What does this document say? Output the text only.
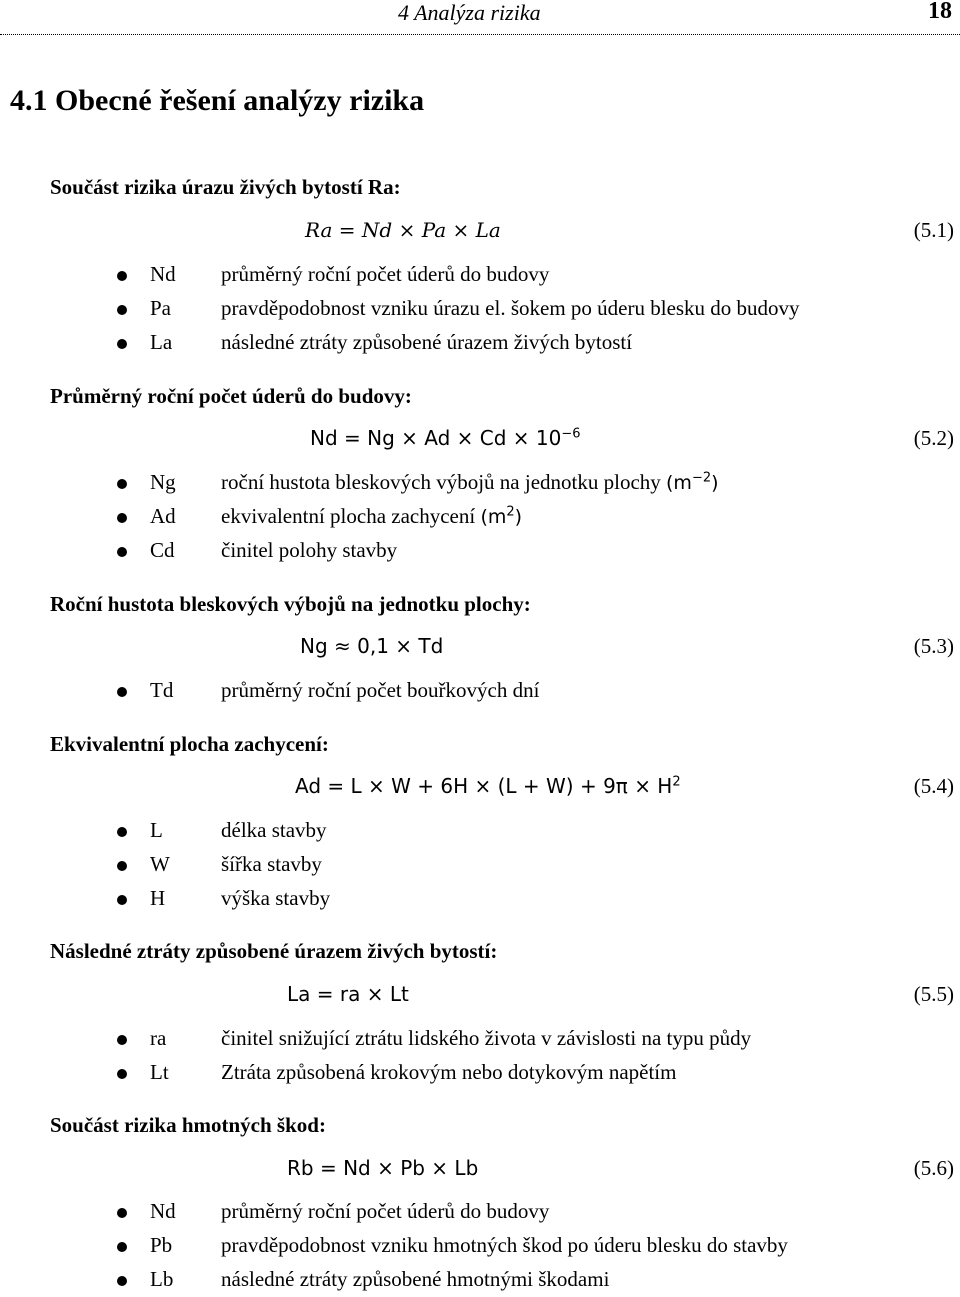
4 Analýza rizika	18
4.1 Obecné řešení analýzy rizika

Součást rizika úrazu živých bytostí Ra:

Ra = Nd × Pa × La	(5.1)
Nd průměrný roční počet úderů do budovy
Pa pravděpodobnost vzniku úrazu el. šokem po úderu blesku do budovy
La následné ztráty způsobené úrazem živých bytostí

Průměrný roční počet úderů do budovy:

$Nd = Ng \times Ad \times Cd \times 10^{-6}$	(5.2)
Ng roční hustota bleskových výbojů na jednotku plochy $(m^{-2})$
Ad ekvivalentní plocha zachycení $(m^2)$
Cd činitel polohy stavby

Roční hustota bleskových výbojů na jednotku plochy:

Ng ≈ 0,1 × Td	(5.3)
Td průměrný roční počet bouřkových dní

Ekvivalentní plocha zachycení:

$Ad = L \times W + 6H \times (L + W) + 9\pi \times H^2$	(5.4)
L	délka stavby
W šířka stavby
H	výška stavby

Následné ztráty způsobené úrazem živých bytostí:

La = ra × Lt	(5.5)
ra	činitel snižující ztrátu lidského života v závislosti na typu půdy
Lt Ztráta způsobená krokovým nebo dotykovým napětím

Součást rizika hmotných škod:

Rb = Nd × Pb × Lb	(5.6)
Nd průměrný roční počet úderů do budovy
Pb pravděpodobnost vzniku hmotných škod po úderu blesku do stavby
Lb následné ztráty způsobené hmotnými škodami
